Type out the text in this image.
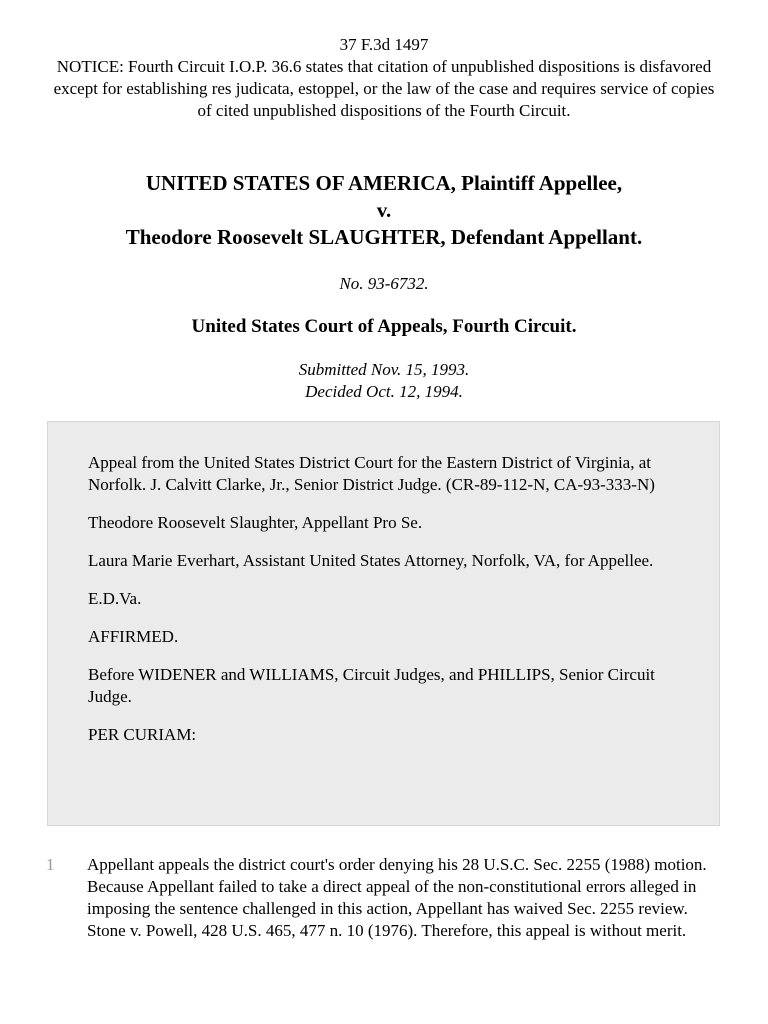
37 F.3d 1497
NOTICE: Fourth Circuit I.O.P. 36.6 states that citation of unpublished dispositions is disfavored except for establishing res judicata, estoppel, or the law of the case and requires service of copies of cited unpublished dispositions of the Fourth Circuit.
UNITED STATES OF AMERICA, Plaintiff Appellee,
v.
Theodore Roosevelt SLAUGHTER, Defendant Appellant.
No. 93-6732.
United States Court of Appeals, Fourth Circuit.
Submitted Nov. 15, 1993.
Decided Oct. 12, 1994.

Appeal from the United States District Court for the Eastern District of Virginia, at Norfolk. J. Calvitt Clarke, Jr., Senior District Judge. (CR-89-112-N, CA-93-333-N)

Theodore Roosevelt Slaughter, Appellant Pro Se.

Laura Marie Everhart, Assistant United States Attorney, Norfolk, VA, for Appellee.

E.D.Va.

AFFIRMED.

Before WIDENER and WILLIAMS, Circuit Judges, and PHILLIPS, Senior Circuit Judge.

PER CURIAM:

1 Appellant appeals the district court's order denying his 28 U.S.C. Sec. 2255 (1988) motion. Because Appellant failed to take a direct appeal of the non-constitutional errors alleged in imposing the sentence challenged in this action, Appellant has waived Sec. 2255 review. Stone v. Powell, 428 U.S. 465, 477 n. 10 (1976). Therefore, this appeal is without merit.
